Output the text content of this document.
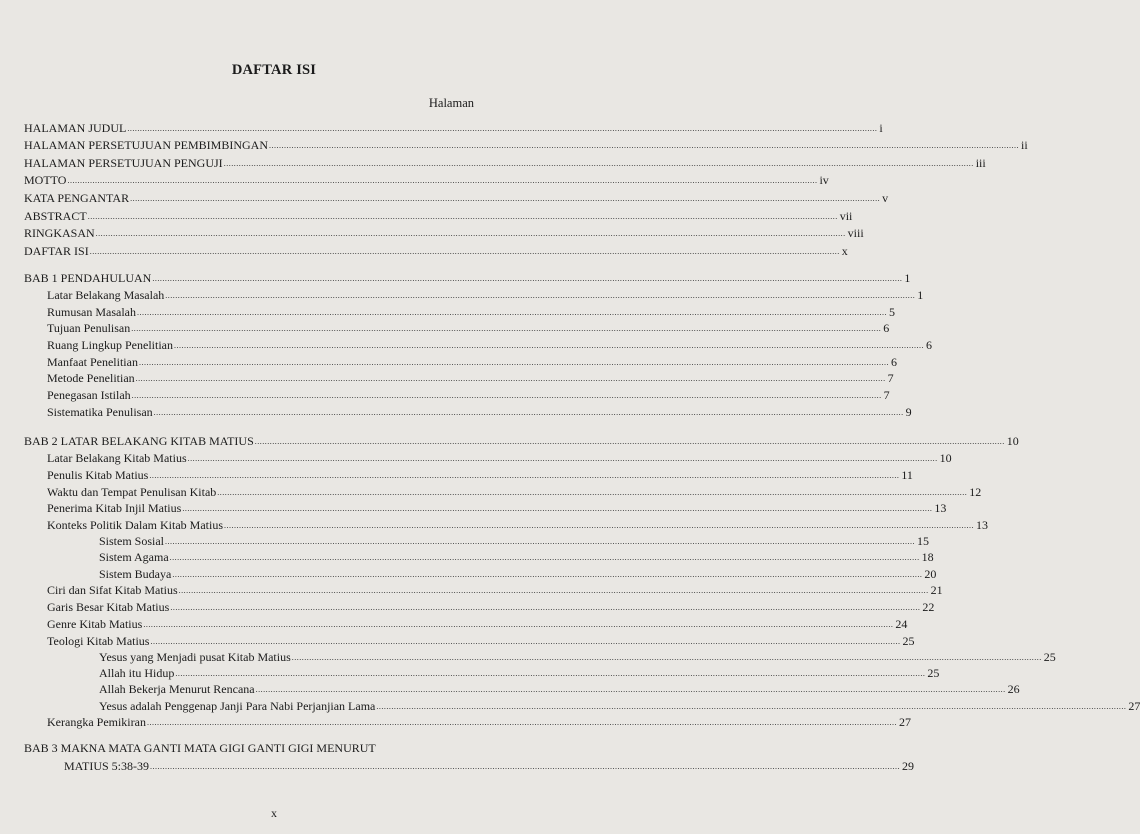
DAFTAR ISI
Halaman
HALAMAN JUDUL ............................................................................................................................................................................................................................................................................................................ i
HALAMAN PERSETUJUAN PEMBIMBINGAN ............................................................................................................................................................................................................................................................................................................ ii
HALAMAN PERSETUJUAN PENGUJI ............................................................................................................................................................................................................................................................................................................ iii
MOTTO ............................................................................................................................................................................................................................................................................................................ iv
KATA PENGANTAR ............................................................................................................................................................................................................................................................................................................ v
ABSTRACT ............................................................................................................................................................................................................................................................................................................ vii
RINGKASAN ............................................................................................................................................................................................................................................................................................................ viii
DAFTAR ISI ............................................................................................................................................................................................................................................................................................................ x
BAB 1 PENDAHULUAN ............................................................................................................................................................................................................................................................................................................ 1
Latar Belakang Masalah ............................................................................................................................................................................................................................................................................................................ 1
Rumusan Masalah ............................................................................................................................................................................................................................................................................................................ 5
Tujuan Penulisan ............................................................................................................................................................................................................................................................................................................ 6
Ruang Lingkup Penelitian ............................................................................................................................................................................................................................................................................................................ 6
Manfaat Penelitian ............................................................................................................................................................................................................................................................................................................ 6
Metode Penelitian ............................................................................................................................................................................................................................................................................................................ 7
Penegasan Istilah ............................................................................................................................................................................................................................................................................................................ 7
Sistematika Penulisan ............................................................................................................................................................................................................................................................................................................ 9
BAB 2 LATAR BELAKANG KITAB MATIUS ............................................................................................................................................................................................................................................................................................................ 10
Latar Belakang Kitab Matius ............................................................................................................................................................................................................................................................................................................ 10
Penulis Kitab Matius ............................................................................................................................................................................................................................................................................................................ 11
Waktu dan Tempat Penulisan Kitab ............................................................................................................................................................................................................................................................................................................ 12
Penerima Kitab Injil Matius ............................................................................................................................................................................................................................................................................................................ 13
Konteks Politik Dalam Kitab Matius ............................................................................................................................................................................................................................................................................................................ 13
Sistem Sosial ............................................................................................................................................................................................................................................................................................................ 15
Sistem Agama ............................................................................................................................................................................................................................................................................................................ 18
Sistem Budaya ............................................................................................................................................................................................................................................................................................................ 20
Ciri dan Sifat Kitab Matius ............................................................................................................................................................................................................................................................................................................ 21
Garis Besar Kitab Matius ............................................................................................................................................................................................................................................................................................................ 22
Genre Kitab Matius ............................................................................................................................................................................................................................................................................................................ 24
Teologi Kitab Matius ............................................................................................................................................................................................................................................................................................................ 25
Yesus yang Menjadi pusat Kitab Matius ............................................................................................................................................................................................................................................................................................................ 25
Allah itu Hidup ............................................................................................................................................................................................................................................................................................................ 25
Allah Bekerja Menurut Rencana ............................................................................................................................................................................................................................................................................................................ 26
Yesus adalah Penggenap Janji Para Nabi Perjanjian Lama ............................................................................................................................................................................................................................................................................................................ 27
Kerangka Pemikiran ............................................................................................................................................................................................................................................................................................................ 27
BAB 3 MAKNA MATA GANTI MATA GIGI GANTI GIGI MENURUT
MATIUS 5:38-39 ............................................................................................................................................................................................................................................................................................................ 29
x
